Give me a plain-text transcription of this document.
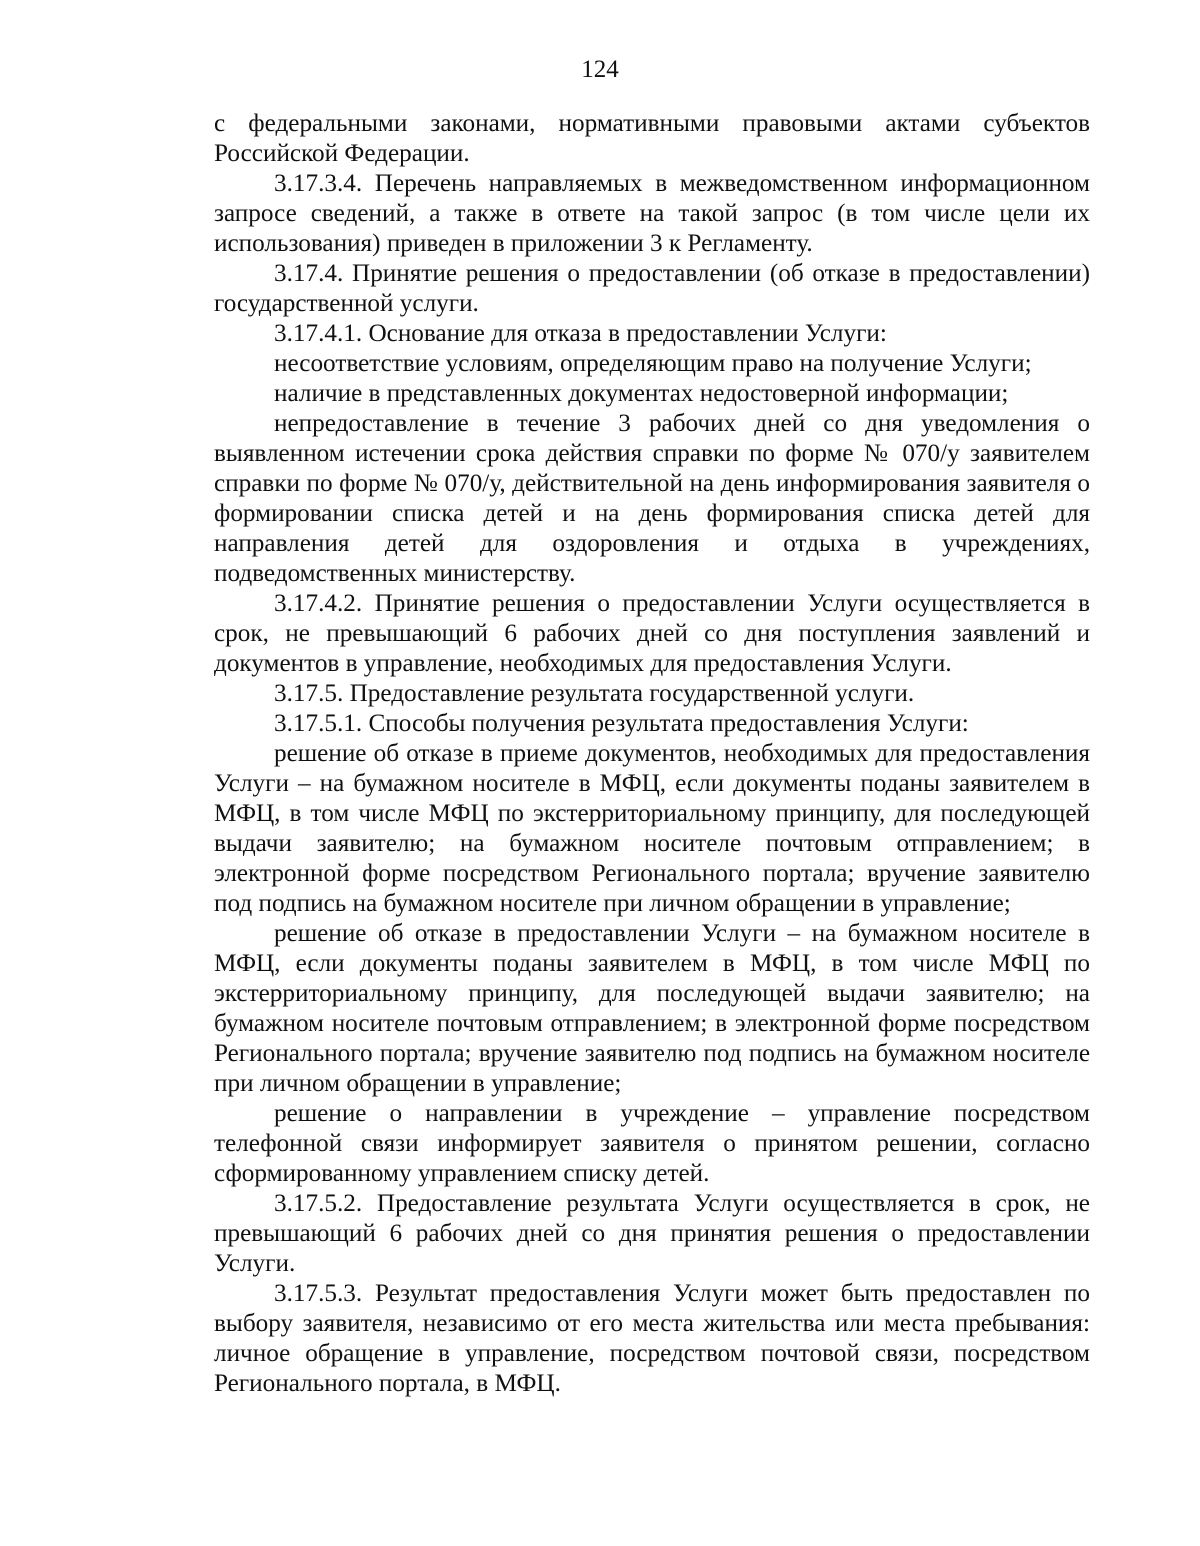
124

с федеральными законами, нормативными правовыми актами субъектов Российской Федерации.

3.17.3.4. Перечень направляемых в межведомственном информационном запросе сведений, а также в ответе на такой запрос (в том числе цели их использования) приведен в приложении 3 к Регламенту.

3.17.4. Принятие решения о предоставлении (об отказе в предоставлении) государственной услуги.

3.17.4.1. Основание для отказа в предоставлении Услуги:

несоответствие условиям, определяющим право на получение Услуги;

наличие в представленных документах недостоверной информации;

непредоставление в течение 3 рабочих дней со дня уведомления о выявленном истечении срока действия справки по форме № 070/у заявителем справки по форме № 070/у, действительной на день информирования заявителя о формировании списка детей и на день формирования списка детей для направления детей для оздоровления и отдыха в учреждениях, подведомственных министерству.

3.17.4.2. Принятие решения о предоставлении Услуги осуществляется в срок, не превышающий 6 рабочих дней со дня поступления заявлений и документов в управление, необходимых для предоставления Услуги.

3.17.5. Предоставление результата государственной услуги.

3.17.5.1. Способы получения результата предоставления Услуги:

решение об отказе в приеме документов, необходимых для предоставления Услуги – на бумажном носителе в МФЦ, если документы поданы заявителем в МФЦ, в том числе МФЦ по экстерриториальному принципу, для последующей выдачи заявителю; на бумажном носителе почтовым отправлением; в электронной форме посредством Регионального портала; вручение заявителю под подпись на бумажном носителе при личном обращении в управление;

решение об отказе в предоставлении Услуги – на бумажном носителе в МФЦ, если документы поданы заявителем в МФЦ, в том числе МФЦ по экстерриториальному принципу, для последующей выдачи заявителю; на бумажном носителе почтовым отправлением; в электронной форме посредством Регионального портала; вручение заявителю под подпись на бумажном носителе при личном обращении в управление;

решение о направлении в учреждение – управление посредством телефонной связи информирует заявителя о принятом решении, согласно сформированному управлением списку детей.

3.17.5.2. Предоставление результата Услуги осуществляется в срок, не превышающий 6 рабочих дней со дня принятия решения о предоставлении Услуги.

3.17.5.3. Результат предоставления Услуги может быть предоставлен по выбору заявителя, независимо от его места жительства или места пребывания: личное обращение в управление, посредством почтовой связи, посредством Регионального портала, в МФЦ.
